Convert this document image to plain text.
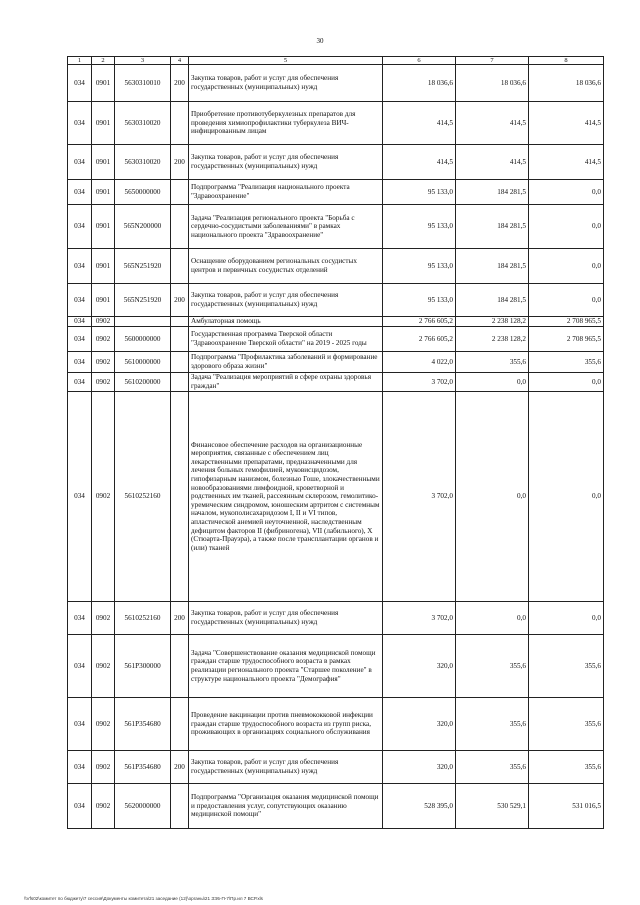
30
1	2	3	4	5	6	7	8
034	0901	5630310010	200	Закупка товаров, работ и услуг для обеспечения государственных (муниципальных) нужд	18 036,6	18 036,6	18 036,6
034	0901	5630310020		Приобретение противотуберкулезных препаратов для проведения химиопрофилактики туберкулеза ВИЧ-инфицированным лицам	414,5	414,5	414,5
034	0901	5630310020	200	Закупка товаров, работ и услуг для обеспечения государственных (муниципальных) нужд	414,5	414,5	414,5
034	0901	5650000000		Подпрограмма "Реализация национального проекта "Здравоохранение"	95 133,0	184 281,5	0,0
034	0901	565N200000		Задача "Реализация регионального проекта "Борьба с сердечно-сосудистыми заболеваниями" в рамках национального проекта "Здравоохранение"	95 133,0	184 281,5	0,0
034	0901	565N251920		Оснащение оборудованием региональных сосудистых центров и первичных сосудистых отделений	95 133,0	184 281,5	0,0
034	0901	565N251920	200	Закупка товаров, работ и услуг для обеспечения государственных (муниципальных) нужд	95 133,0	184 281,5	0,0
034	0902			Амбулаторная помощь	2 766 605,2	2 238 128,2	2 708 965,5
034	0902	5600000000		Государственная программа Тверской области "Здравоохранение Тверской области" на 2019 - 2025 годы	2 766 605,2	2 238 128,2	2 708 965,5
034	0902	5610000000		Подпрограмма "Профилактика заболеваний и формирование здорового образа жизни"	4 022,0	355,6	355,6
034	0902	5610200000		Задача "Реализация мероприятий в сфере охраны здоровья граждан"	3 702,0	0,0	0,0
034	0902	5610252160		Финансовое обеспечение расходов на организационные мероприятия, связанные с обеспечением лиц лекарственными препаратами, предназначенными для лечения больных гемофилией, муковисцидозом, гипофизарным нанизмом, болезнью Гоше, злокачественными новообразованиями лимфоидной, кроветворной и родственных им тканей, рассеянным склерозом, гемолитико-уремическим синдромом, юношеским артритом с системным началом, мукополисахаридозом I, II и VI типов, апластической анемией неуточненной, наследственным дефицитом факторов II (фибриногена), VII (лабильного), X (Стюарта-Прауэра), а также после трансплантации органов и (или) тканей	3 702,0	0,0	0,0
034	0902	5610252160	200	Закупка товаров, работ и услуг для обеспечения государственных (муниципальных) нужд	3 702,0	0,0	0,0
034	0902	561P300000		Задача "Совершенствование оказания медицинской помощи граждан старше трудоспособного возраста в рамках реализации регионального проекта "Старшее поколение" в структуре национального проекта "Демография"	320,0	355,6	355,6
034	0902	561P354680		Проведение вакцинации против пневмококковой инфекции граждан старше трудоспособного возраста из групп риска, проживающих в организациях социального обслуживания	320,0	355,6	355,6
034	0902	561P354680	200	Закупка товаров, работ и услуг для обеспечения государственных (муниципальных) нужд	320,0	355,6	355,6
034	0902	5620000000		Подпрограмма "Организация оказания медицинской помощи и предоставления услуг, сопутствующих оказанию медицинской помощи"	528 395,0	530 529,1	531 016,5
\\Vfs02\комитет по бюджету\7 сессия\Документы комитета\21 заседание (12)\органы\21 ЗЭ5-П-7\Пр.ил 7 ВСР.xls
